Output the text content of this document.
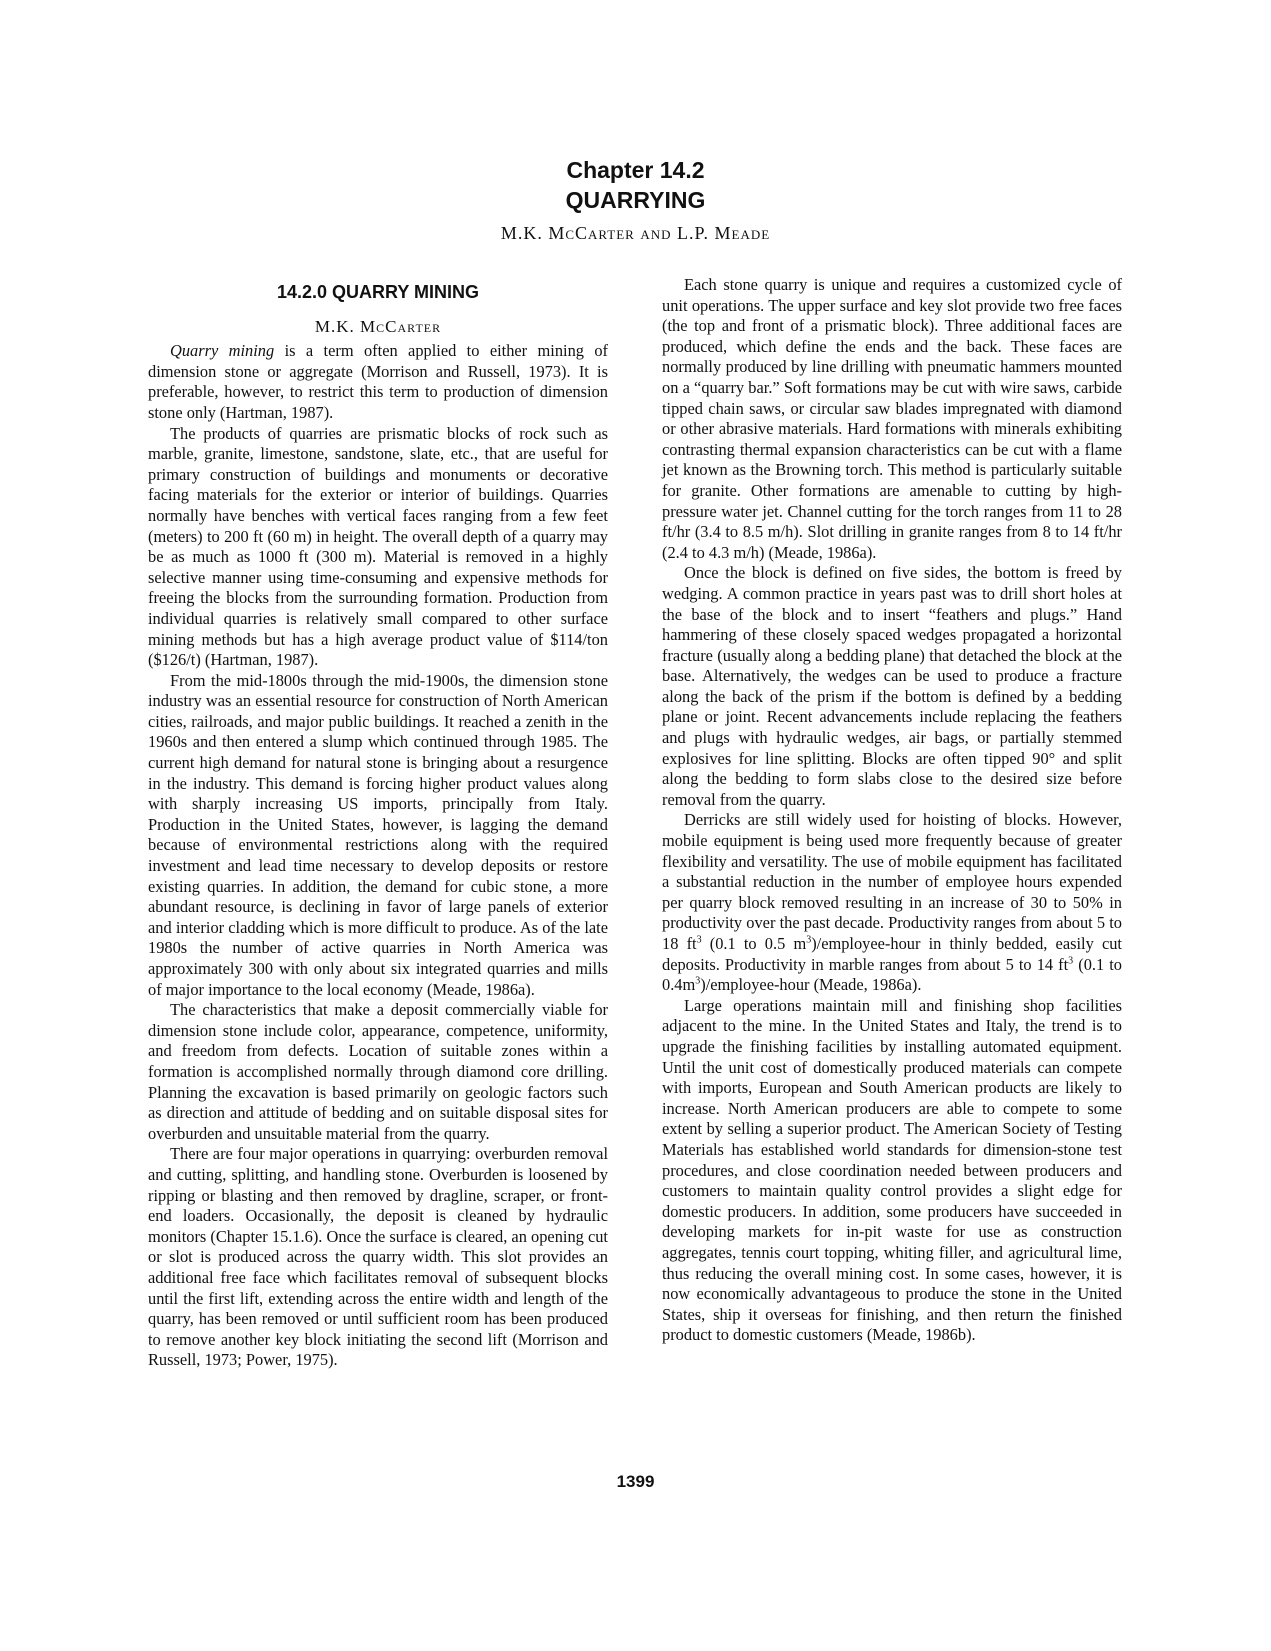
Chapter 14.2
QUARRYING
M.K. McCarter and L.P. Meade
14.2.0 QUARRY MINING
M.K. McCarter

Quarry mining is a term often applied to either mining of dimension stone or aggregate (Morrison and Russell, 1973). It is preferable, however, to restrict this term to production of dimension stone only (Hartman, 1987).

The products of quarries are prismatic blocks of rock such as marble, granite, limestone, sandstone, slate, etc., that are useful for primary construction of buildings and monuments or decorative facing materials for the exterior or interior of buildings. Quarries normally have benches with vertical faces ranging from a few feet (meters) to 200 ft (60 m) in height. The overall depth of a quarry may be as much as 1000 ft (300 m). Material is removed in a highly selective manner using time-consuming and expensive methods for freeing the blocks from the surrounding formation. Production from individual quarries is relatively small compared to other surface mining methods but has a high average product value of $114/ton ($126/t) (Hartman, 1987).

From the mid-1800s through the mid-1900s, the dimension stone industry was an essential resource for construction of North American cities, railroads, and major public buildings. It reached a zenith in the 1960s and then entered a slump which continued through 1985. The current high demand for natural stone is bringing about a resurgence in the industry. This demand is forcing higher product values along with sharply increasing US imports, principally from Italy. Production in the United States, however, is lagging the demand because of environmental restrictions along with the required investment and lead time necessary to develop deposits or restore existing quarries. In addition, the demand for cubic stone, a more abundant resource, is declining in favor of large panels of exterior and interior cladding which is more difficult to produce. As of the late 1980s the number of active quarries in North America was approximately 300 with only about six integrated quarries and mills of major importance to the local economy (Meade, 1986a).

The characteristics that make a deposit commercially viable for dimension stone include color, appearance, competence, uniformity, and freedom from defects. Location of suitable zones within a formation is accomplished normally through diamond core drilling. Planning the excavation is based primarily on geologic factors such as direction and attitude of bedding and on suitable disposal sites for overburden and unsuitable material from the quarry.

There are four major operations in quarrying: overburden removal and cutting, splitting, and handling stone. Overburden is loosened by ripping or blasting and then removed by dragline, scraper, or front-end loaders. Occasionally, the deposit is cleaned by hydraulic monitors (Chapter 15.1.6). Once the surface is cleared, an opening cut or slot is produced across the quarry width. This slot provides an additional free face which facilitates removal of subsequent blocks until the first lift, extending across the entire width and length of the quarry, has been removed or until sufficient room has been produced to remove another key block initiating the second lift (Morrison and Russell, 1973; Power, 1975).

Each stone quarry is unique and requires a customized cycle of unit operations. The upper surface and key slot provide two free faces (the top and front of a prismatic block). Three additional faces are produced, which define the ends and the back. These faces are normally produced by line drilling with pneumatic hammers mounted on a “quarry bar.” Soft formations may be cut with wire saws, carbide tipped chain saws, or circular saw blades impregnated with diamond or other abrasive materials. Hard formations with minerals exhibiting contrasting thermal expansion characteristics can be cut with a flame jet known as the Browning torch. This method is particularly suitable for granite. Other formations are amenable to cutting by high-pressure water jet. Channel cutting for the torch ranges from 11 to 28 ft/hr (3.4 to 8.5 m/h). Slot drilling in granite ranges from 8 to 14 ft/hr (2.4 to 4.3 m/h) (Meade, 1986a).

Once the block is defined on five sides, the bottom is freed by wedging. A common practice in years past was to drill short holes at the base of the block and to insert “feathers and plugs.” Hand hammering of these closely spaced wedges propagated a horizontal fracture (usually along a bedding plane) that detached the block at the base. Alternatively, the wedges can be used to produce a fracture along the back of the prism if the bottom is defined by a bedding plane or joint. Recent advancements include replacing the feathers and plugs with hydraulic wedges, air bags, or partially stemmed explosives for line splitting. Blocks are often tipped 90° and split along the bedding to form slabs close to the desired size before removal from the quarry.

Derricks are still widely used for hoisting of blocks. However, mobile equipment is being used more frequently because of greater flexibility and versatility. The use of mobile equipment has facilitated a substantial reduction in the number of employee hours expended per quarry block removed resulting in an increase of 30 to 50% in productivity over the past decade. Productivity ranges from about 5 to 18 $ft^3$ (0.1 to 0.5 $m^3)/employee$-hour in thinly bedded, easily cut deposits. Productivity in marble ranges from about 5 to 14 $ft^3$ (0.1 to $0.4m^3)/employee$-hour (Meade, 1986a).

Large operations maintain mill and finishing shop facilities adjacent to the mine. In the United States and Italy, the trend is to upgrade the finishing facilities by installing automated equipment. Until the unit cost of domestically produced materials can compete with imports, European and South American products are likely to increase. North American producers are able to compete to some extent by selling a superior product. The American Society of Testing Materials has established world standards for dimension-stone test procedures, and close coordination needed between producers and customers to maintain quality control provides a slight edge for domestic producers. In addition, some producers have succeeded in developing markets for in-pit waste for use as construction aggregates, tennis court topping, whiting filler, and agricultural lime, thus reducing the overall mining cost. In some cases, however, it is now economically advantageous to produce the stone in the United States, ship it overseas for finishing, and then return the finished product to domestic customers (Meade, 1986b).

1399
